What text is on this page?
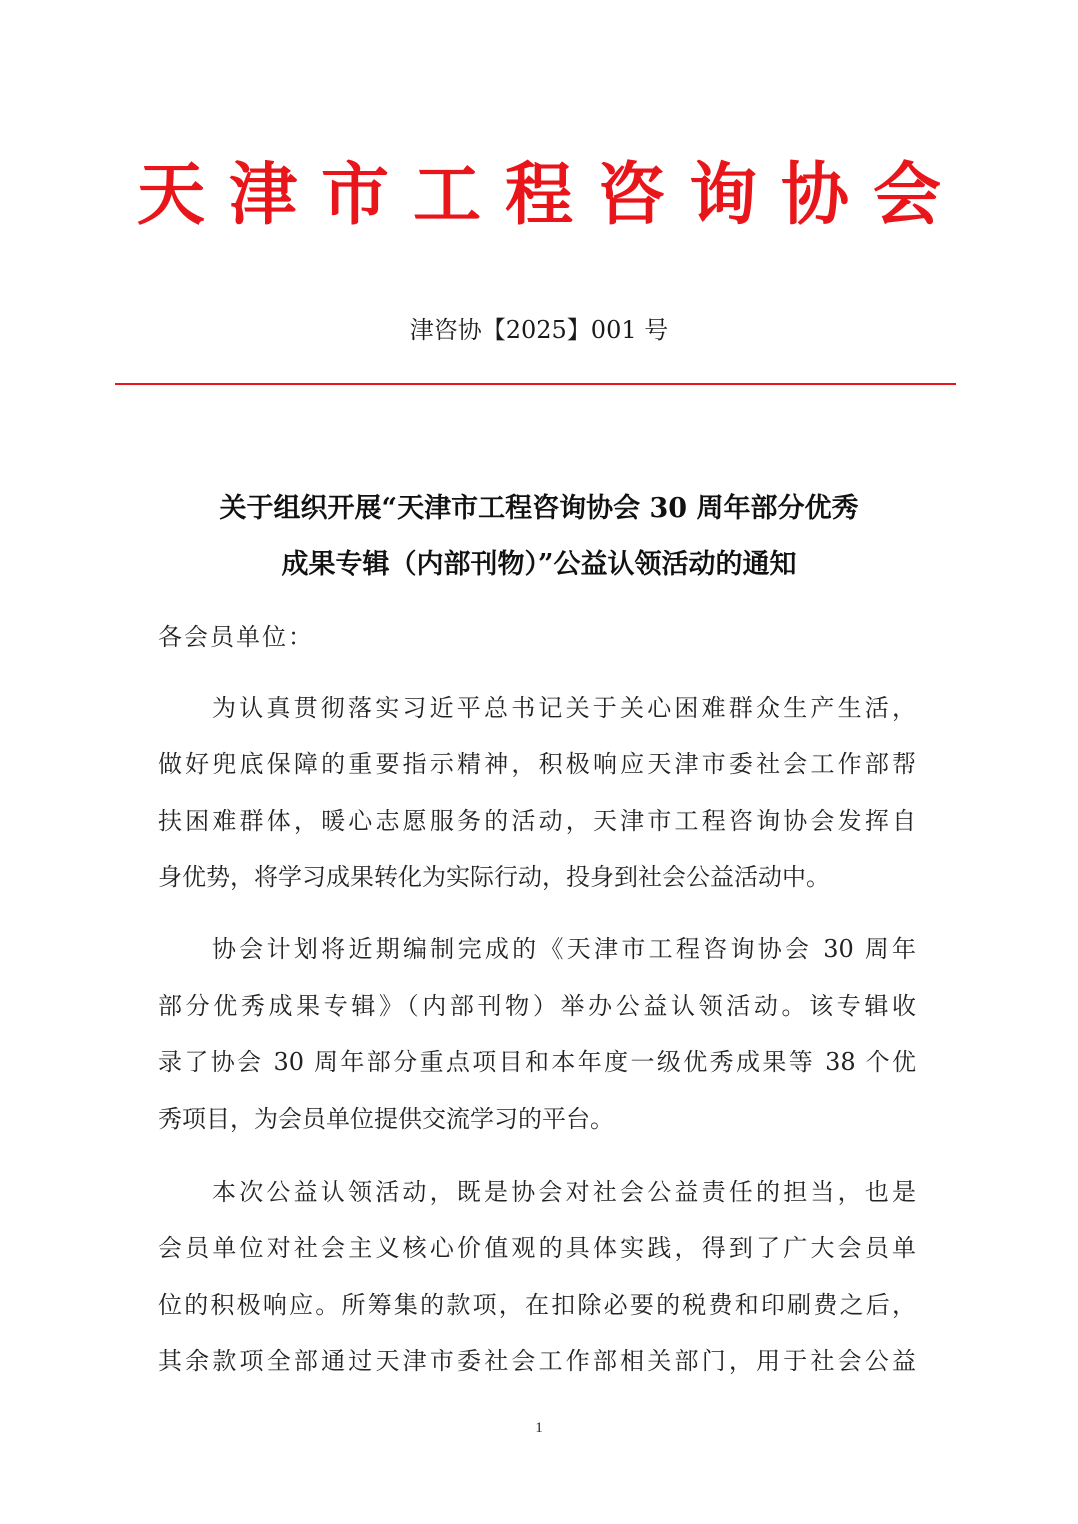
天津市工程咨询协会
津咨协【2025】001 号
关于组织开展“天津市工程咨询协会 30 周年部分优秀
成果专辑（内部刊物）”公益认领活动的通知
各会员单位：
为认真贯彻落实习近平总书记关于关心困难群众生产生活，
做好兜底保障的重要指示精神，积极响应天津市委社会工作部帮
扶困难群体，暖心志愿服务的活动，天津市工程咨询协会发挥自
身优势，将学习成果转化为实际行动，投身到社会公益活动中。
协会计划将近期编制完成的《天津市工程咨询协会 30 周年
部分优秀成果专辑》（内部刊物）举办公益认领活动。该专辑收
录了协会 30 周年部分重点项目和本年度一级优秀成果等 38 个优
秀项目，为会员单位提供交流学习的平台。
本次公益认领活动，既是协会对社会公益责任的担当，也是
会员单位对社会主义核心价值观的具体实践，得到了广大会员单
位的积极响应。所筹集的款项，在扣除必要的税费和印刷费之后，
其余款项全部通过天津市委社会工作部相关部门，用于社会公益
1
